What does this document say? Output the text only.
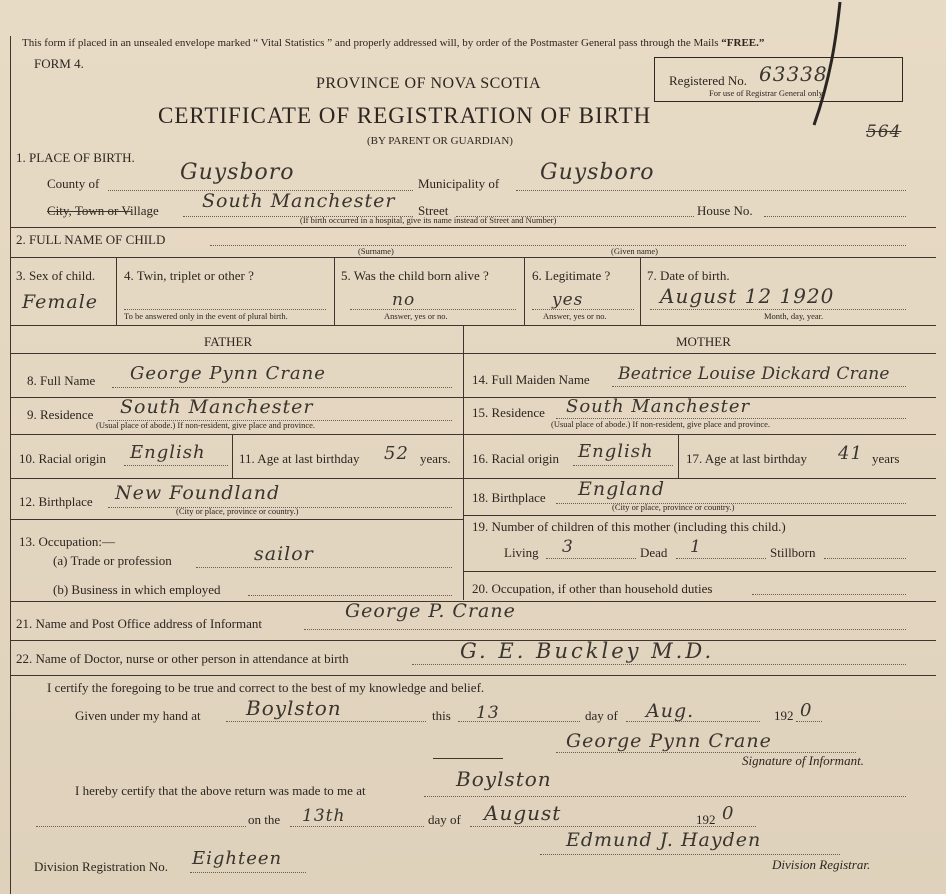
This form if placed in an unsealed envelope marked “ Vital Statistics ” and properly addressed will, by order of the Postmaster General pass through the Mails “FREE.”
FORM 4.
PROVINCE OF NOVA SCOTIA
CERTIFICATE OF REGISTRATION OF BIRTH
(BY PARENT OR GUARDIAN)
Registered No. 63338
For use of Registrar General only.
564
1. PLACE OF BIRTH.
County of	Guysboro	Municipality of Guysboro
City, Town or Village South Manchester Street
(If birth occurred in a hospital, give its name instead of Street and Number)
House No.
2. FULL NAME OF CHILD
(Surname)	(Given name)
3. Sex of child.
Female
4. Twin, triplet or other ?
To be answered only in the event of plural birth.
5. Was the child born alive ?
no
Answer, yes or no.
6. Legitimate ?
yes
Answer, yes or no.
7. Date of birth.
August 12 1920
Month, day, year.
FATHER	MOTHER
8. Full Name George Pynn Crane
9. Residence South Manchester
(Usual place of abode.) If non-resident, give place and province.
10. Racial origin English	11. Age at last birthday 52 years.
12. Birthplace New Foundland
(City or place, province or country.)
13. Occupation:—
(a) Trade or profession	sailor
(b) Business in which employed
14. Full Maiden Name Beatrice Louise Dickard Crane
15. Residence South Manchester
(Usual place of abode.) If non-resident, give place and province.
16. Racial origin English 17. Age at last birthday 41 years
18. Birthplace England
(City or place, province or country.)
19. Number of children of this mother (including this child.)
Living 3	Dead 1	Stillborn
20. Occupation, if other than household duties
21. Name and Post Office address of Informant
George P. Crane
22. Name of Doctor, nurse or other person in attendance at birth	G. E. Buckley M.D.
I certify the foregoing to be true and correct to the best of my knowledge and belief.
Given under my hand at Boylston	this 13	day of Aug.	192 0
George Pynn Crane
Signature of Informant.
I hereby certify that the above return was made to me at	Boylston
on the 13th	day of August	192 0
Division Registration No. Eighteen
Edmund J. Hayden
Division Registrar.
